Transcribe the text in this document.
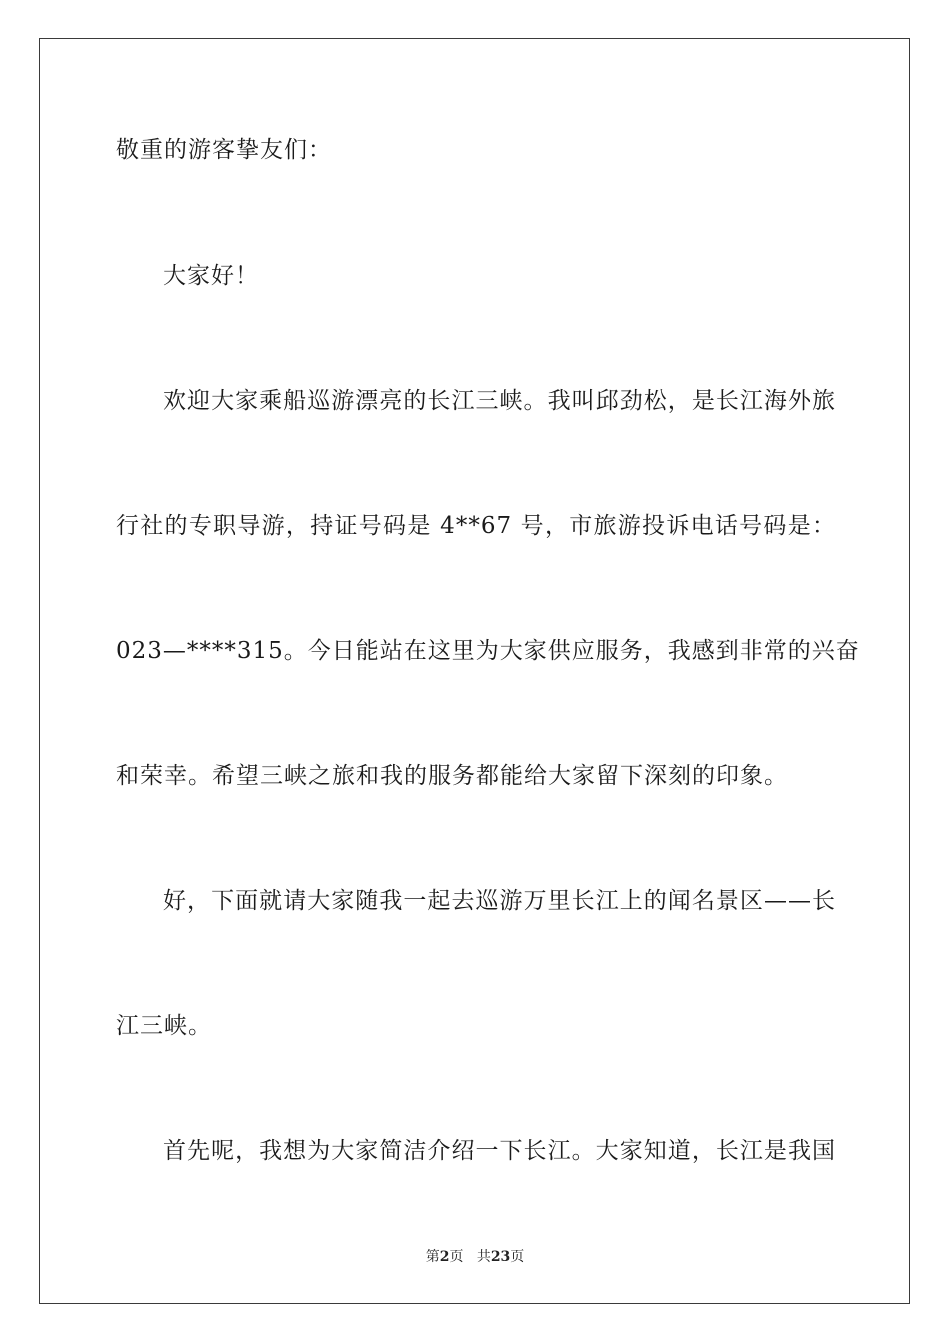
敬重的游客挚友们：
大家好！
欢迎大家乘船巡游漂亮的长江三峡。我叫邱劲松，是长江海外旅
行社的专职导游，持证号码是 4**67 号，市旅游投诉电话号码是：
023—****315。今日能站在这里为大家供应服务，我感到非常的兴奋
和荣幸。希望三峡之旅和我的服务都能给大家留下深刻的印象。
好，下面就请大家随我一起去巡游万里长江上的闻名景区——长
江三峡。
首先呢，我想为大家简洁介绍一下长江。大家知道，长江是我国
第2页 共23页
